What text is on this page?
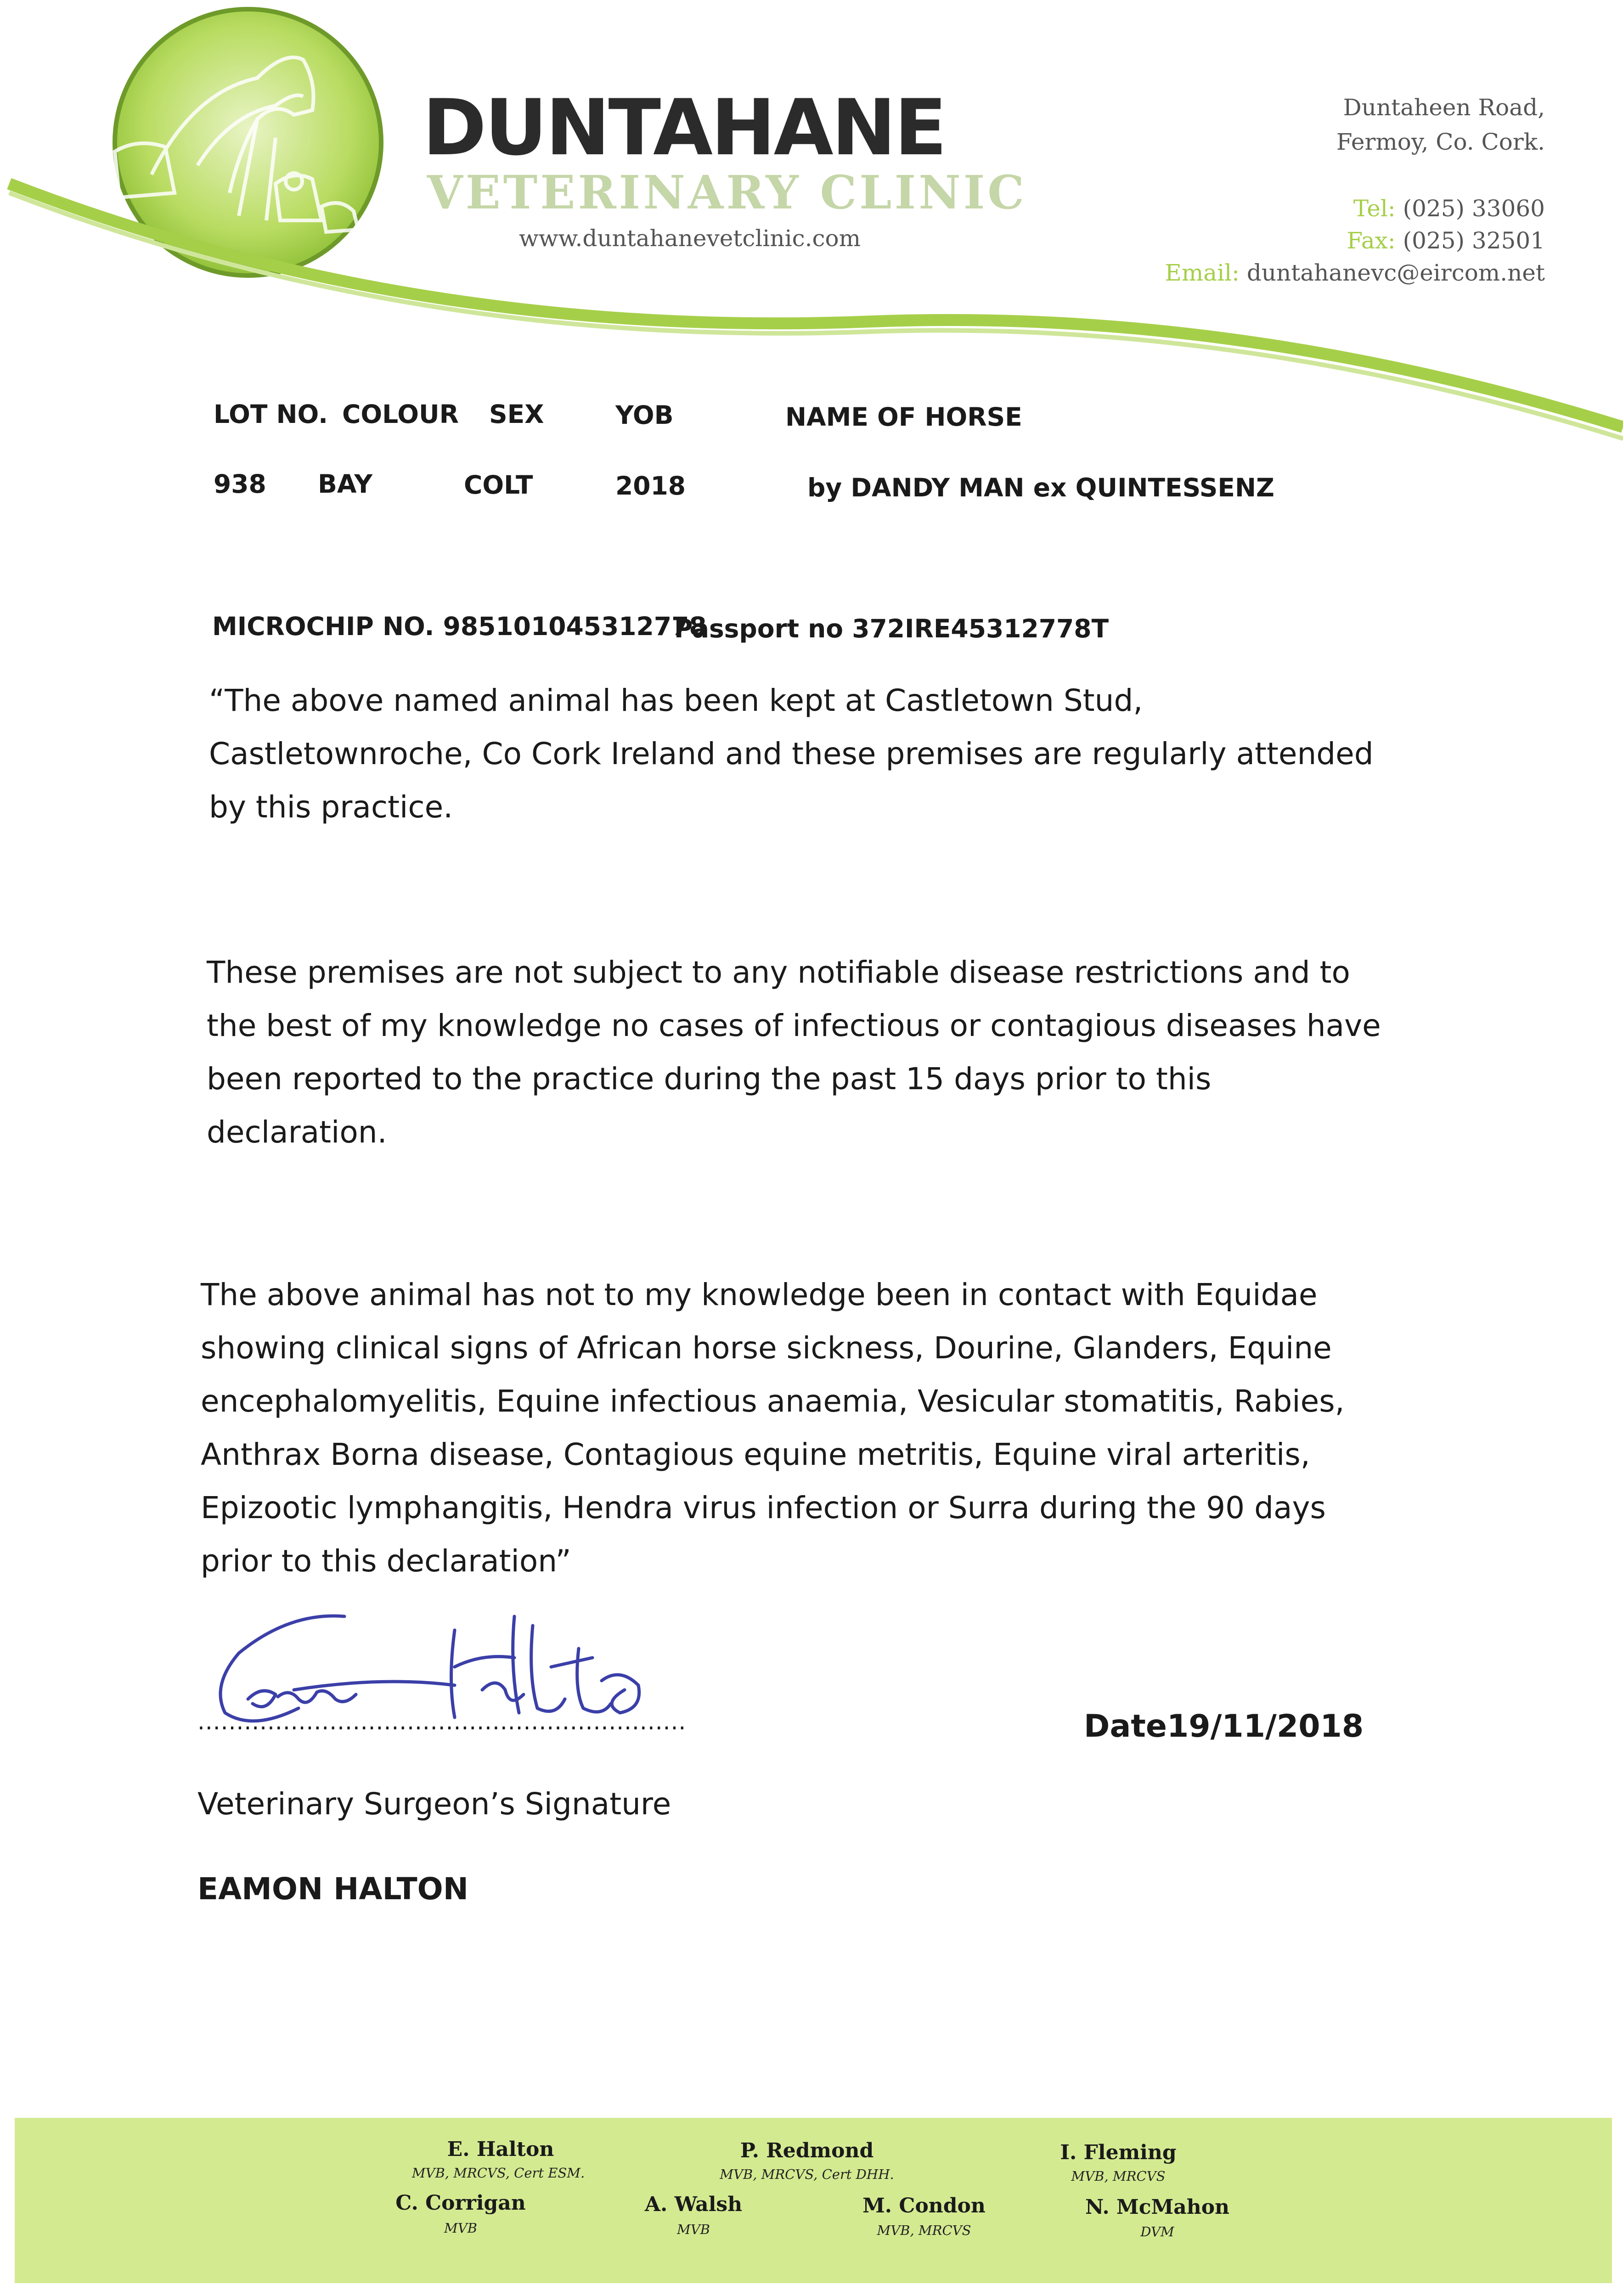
DUNTAHANE
VETERINARY CLINIC
www.duntahanevetclinic.com
Duntaheen Road,
Fermoy, Co. Cork.
Tel: (025) 33060
Fax: (025) 32501
Email: duntahanevc@eircom.net
LOT NO. COLOUR SEX	YOB	NAME OF HORSE
938 BAY	COLT	2018	by DANDY MAN ex QUINTESSENZ
MICROCHIP NO. 985101045312778
Passport no 372IRE45312778T
“The above named animal has been kept at Castletown Stud,
Castletownroche, Co Cork Ireland and these premises are regularly attended
by this practice.
These premises are not subject to any notifiable disease restrictions and to
the best of my knowledge no cases of infectious or contagious diseases have
been reported to the practice during the past 15 days prior to this
declaration.
The above animal has not to my knowledge been in contact with Equidae
showing clinical signs of African horse sickness, Dourine, Glanders, Equine
encephalomyelitis, Equine infectious anaemia, Vesicular stomatitis, Rabies,
Anthrax Borna disease, Contagious equine metritis, Equine viral arteritis,
Epizootic lymphangitis, Hendra virus infection or Surra during the 90 days
prior to this declaration”
...............................................................
Veterinary Surgeon’s Signature
EAMON HALTON
Date19/11/2018
E. Halton
MVB, MRCVS, Cert ESM.
P. Redmond
MVB, MRCVS, Cert DHH.
I. Fleming
MVB, MRCVS
C. Corrigan
MVB
A. Walsh
MVB
M. Condon
MVB, MRCVS
N. McMahon
DVM
